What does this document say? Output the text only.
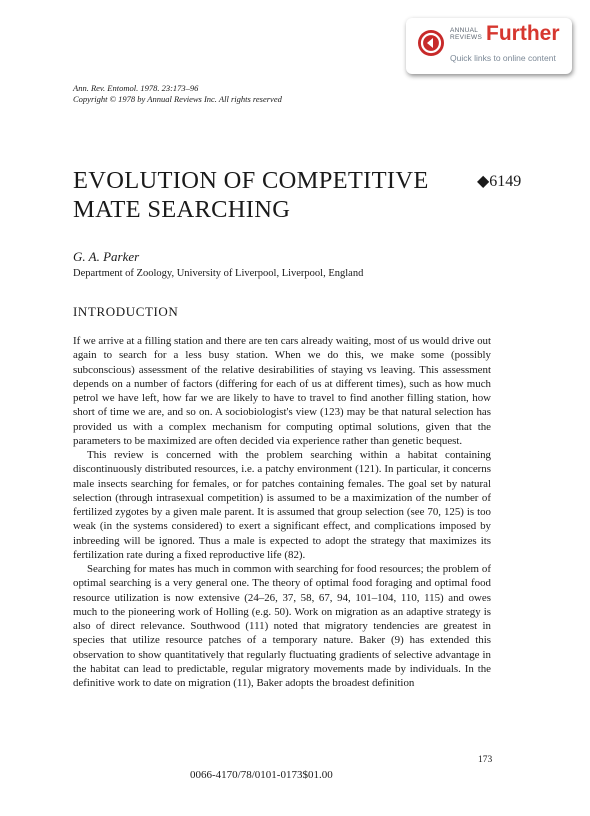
ANNUAL
REVIEWS Further

Quick links to online content

Ann. Rev. Entomol. 1978. 23:173–96
Copyright © 1978 by Annual Reviews Inc. All rights reserved

EVOLUTION OF COMPETITIVE
MATE SEARCHING

◆6149

G. A. Parker

Department of Zoology, University of Liverpool, Liverpool, England

INTRODUCTION

If we arrive at a filling station and there are ten cars already waiting, most of us would drive out again to search for a less busy station. When we do this, we make some (possibly subconscious) assessment of the relative desirabilities of staying vs leaving. This assessment depends on a number of factors (differing for each of us at different times), such as how much petrol we have left, how far we are likely to have to travel to find another filling station, how short of time we are, and so on. A sociobiologist's view (123) may be that natural selection has provided us with a complex mechanism for computing optimal solutions, given that the parameters to be maximized are often decided via experience rather than genetic bequest.

This review is concerned with the problem searching within a habitat containing discontinuously distributed resources, i.e. a patchy environment (121). In particular, it concerns male insects searching for females, or for patches containing females. The goal set by natural selection (through intrasexual competition) is assumed to be a maximization of the number of fertilized zygotes by a given male parent. It is assumed that group selection (see 70, 125) is too weak (in the systems considered) to exert a significant effect, and complications imposed by inbreeding will be ignored. Thus a male is expected to adopt the strategy that maximizes its fertilization rate during a fixed reproductive life (82).

Searching for mates has much in common with searching for food resources; the problem of optimal searching is a very general one. The theory of optimal food foraging and optimal food resource utilization is now extensive (24–26, 37, 58, 67, 94, 101–104, 110, 115) and owes much to the pioneering work of Holling (e.g. 50). Work on migration as an adaptive strategy is also of direct relevance. Southwood (111) noted that migratory tendencies are greatest in species that utilize resource patches of a temporary nature. Baker (9) has extended this observation to show quantitatively that regularly fluctuating gradients of selective advantage in the habitat can lead to predictable, regular migratory movements made by individuals. In the definitive work to date on migration (11), Baker adopts the broadest definition

173

0066-4170/78/0101-0173$01.00
